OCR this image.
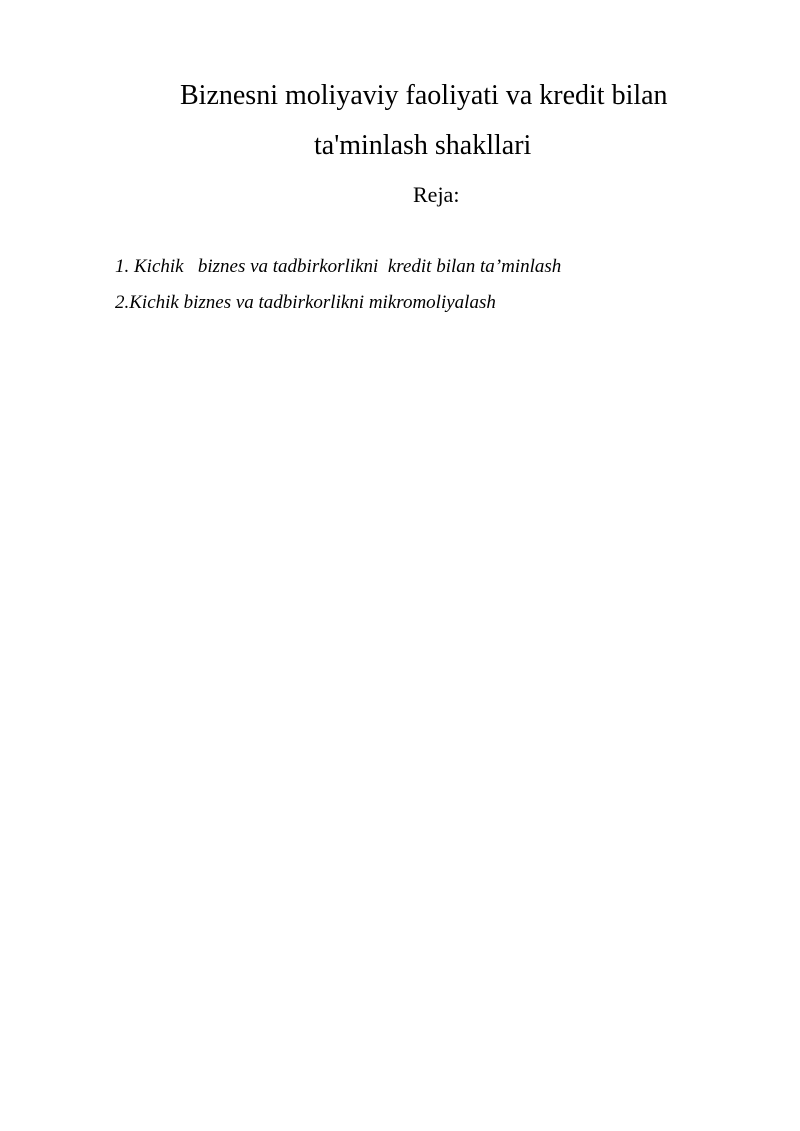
Biznesni moliyaviy faoliyati va kredit bilan
ta'minlash shakllari
Reja:
1. Kichik   biznes va tadbirkorlikni  kredit bilan ta’minlash
2.Kichik biznes va tadbirkorlikni mikromoliyalash
